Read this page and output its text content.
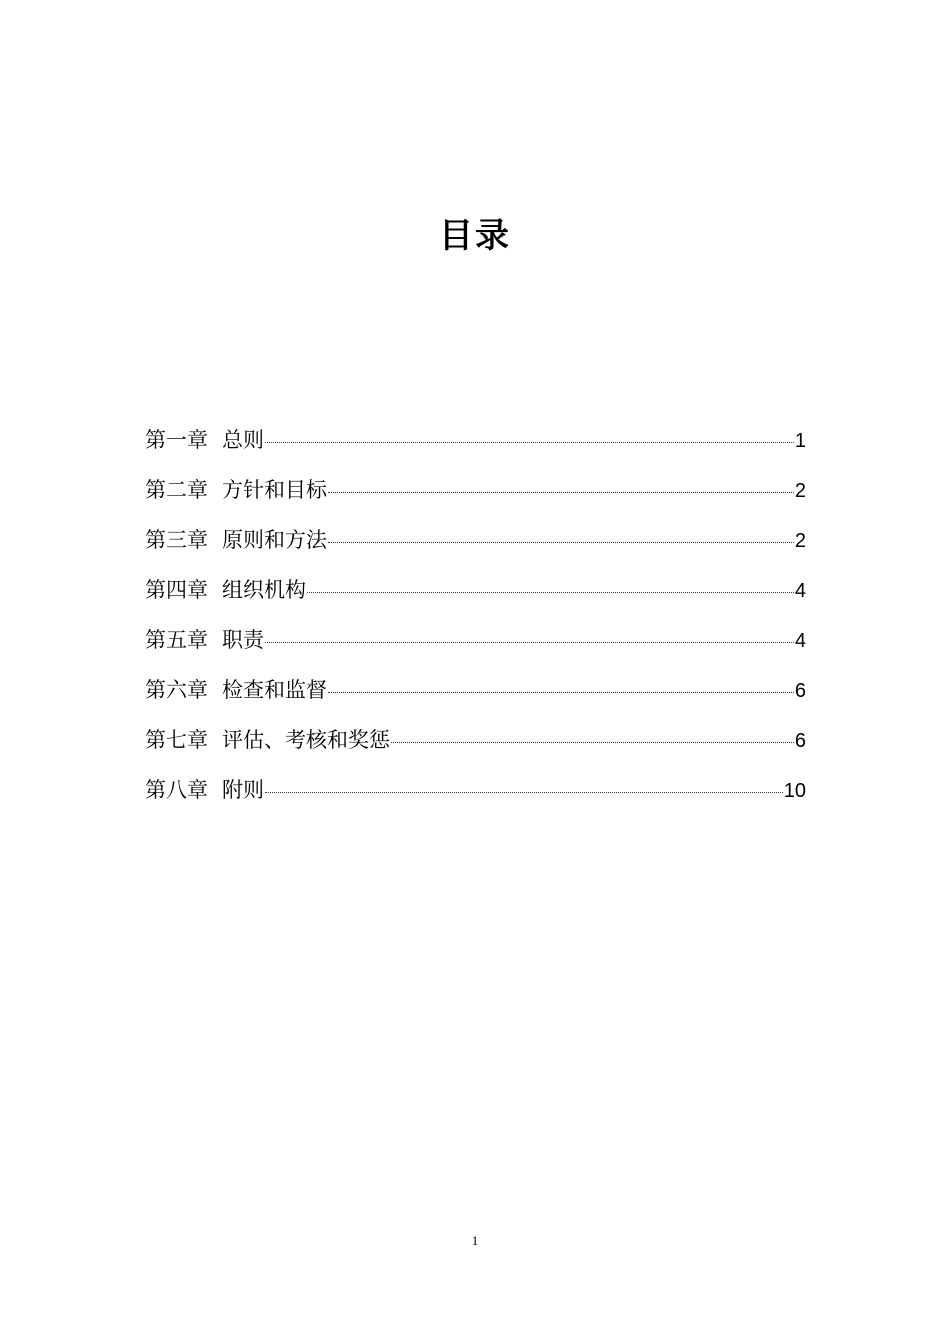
目录
第一章 总则	1
第二章 方针和目标	2
第三章 原则和方法	2
第四章 组织机构	4
第五章 职责	4
第六章 检查和监督	6
第七章 评估、考核和奖惩	6
第八章 附则	10
1
